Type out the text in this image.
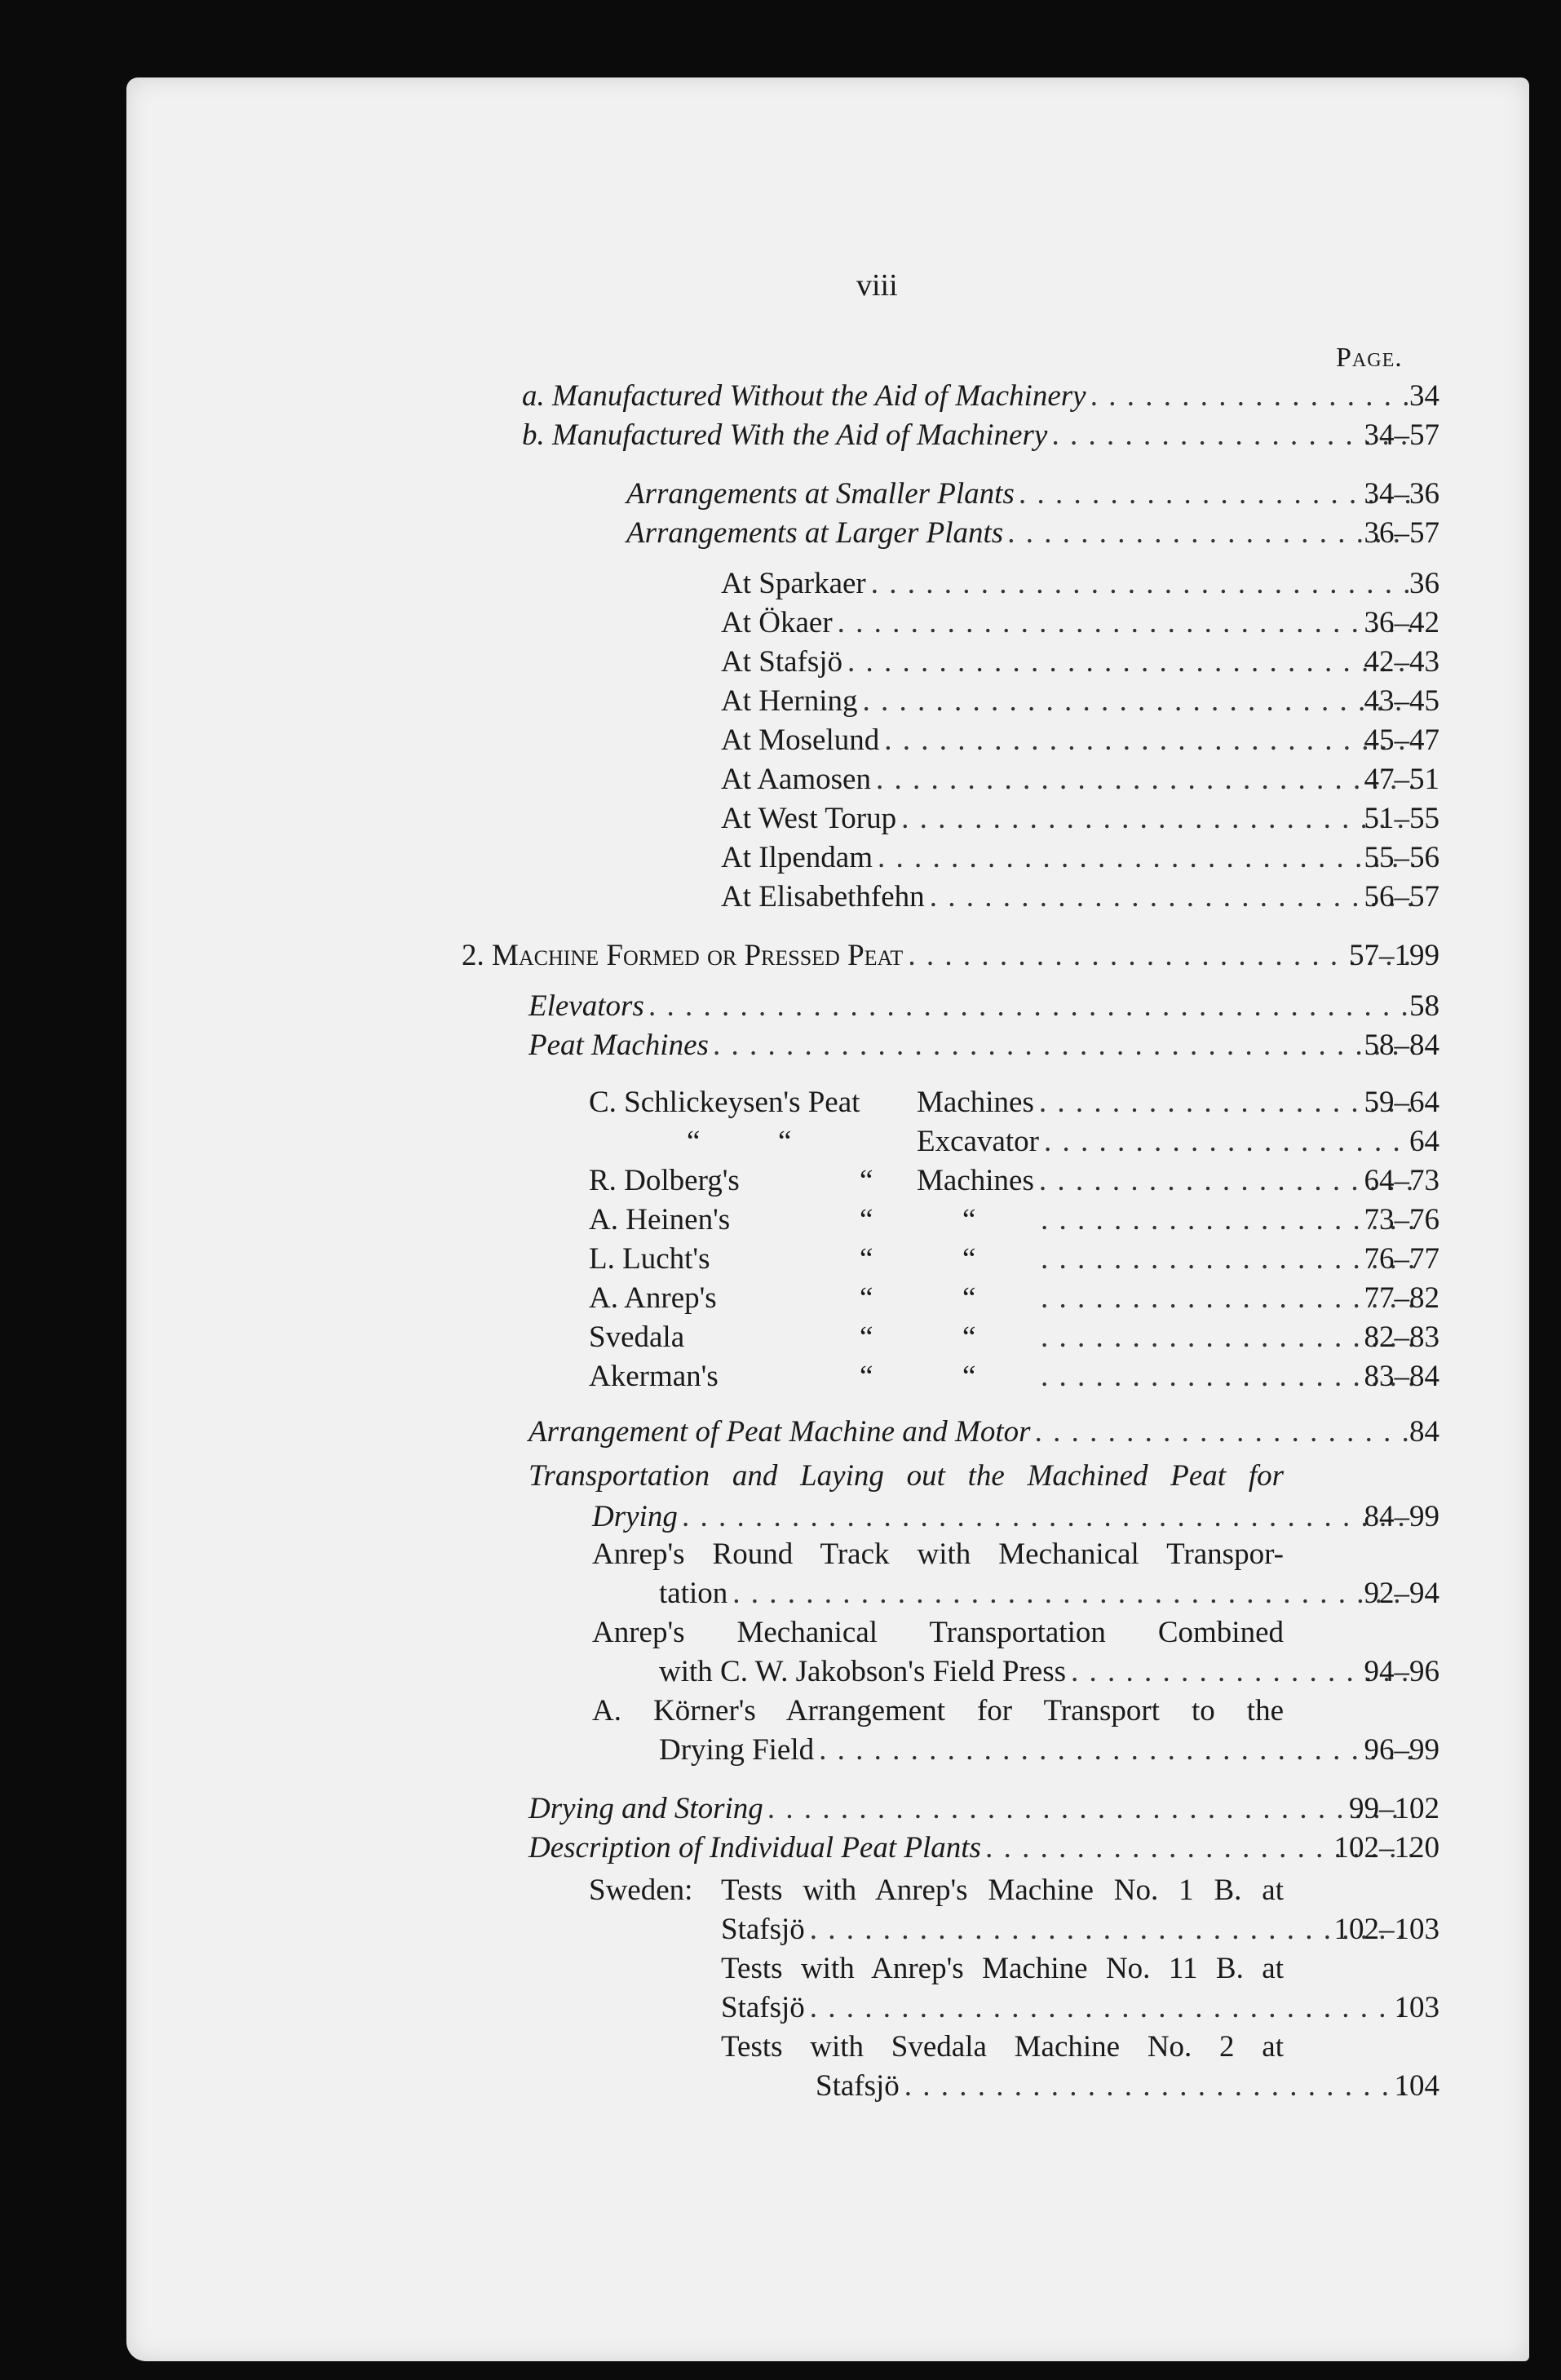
viii
Page.
a. Manufactured Without the Aid of Machinery . . .	34
b. Manufactured With the Aid of Machinery . . .	34–57
Arrangements at Smaller Plants . . .	34–36
Arrangements at Larger Plants . . .	36–57
At Sparkaer . . .	36
At Ökaer . . .	36–42
At Stafsjö . . .	42–43
At Herning . . .	43–45
At Moselund . . .	45–47
At Aamosen . . .	47–51
At West Torup . . .	51–55
At Ilpendam . . .	55–56
At Elisabethfehn . . .	56–57
2. Machine Formed or Pressed Peat . . .	57–199
Elevators . . .	58
Peat Machines . . .	58–84
C. Schlickeysen's Peat	Machines . . .	59–64
“	“	Excavator . . .	64
R. Dolberg's	“	Machines . . .	64–73
A. Heinen's	“	“ . . .	73–76
L. Lucht's	“	“ . . .	76–77
A. Anrep's	“	“ . . .	77–82
Svedala	“	“ . . .	82–83
Akerman's	“	“ . . .	83–84
Arrangement of Peat Machine and Motor . . .	84
Transportation and Laying out the Machined Peat for
Drying . . .	84–99
Anrep's Round Track with Mechanical Transpor-
tation . . .	92–94
Anrep's Mechanical Transportation Combined
with C. W. Jakobson's Field Press . . .	94–96
A. Körner's Arrangement for Transport to the
Drying Field . . .	96–99
Drying and Storing . . .	99–102
Description of Individual Peat Plants . . .	102–120
Sweden: Tests with Anrep's Machine No. 1 B. at
Stafsjö . . .	102–103
Tests with Anrep's Machine No. 11 B. at
Stafsjö . . .	103
Tests with Svedala Machine No. 2 at
Stafsjö . . .	104
